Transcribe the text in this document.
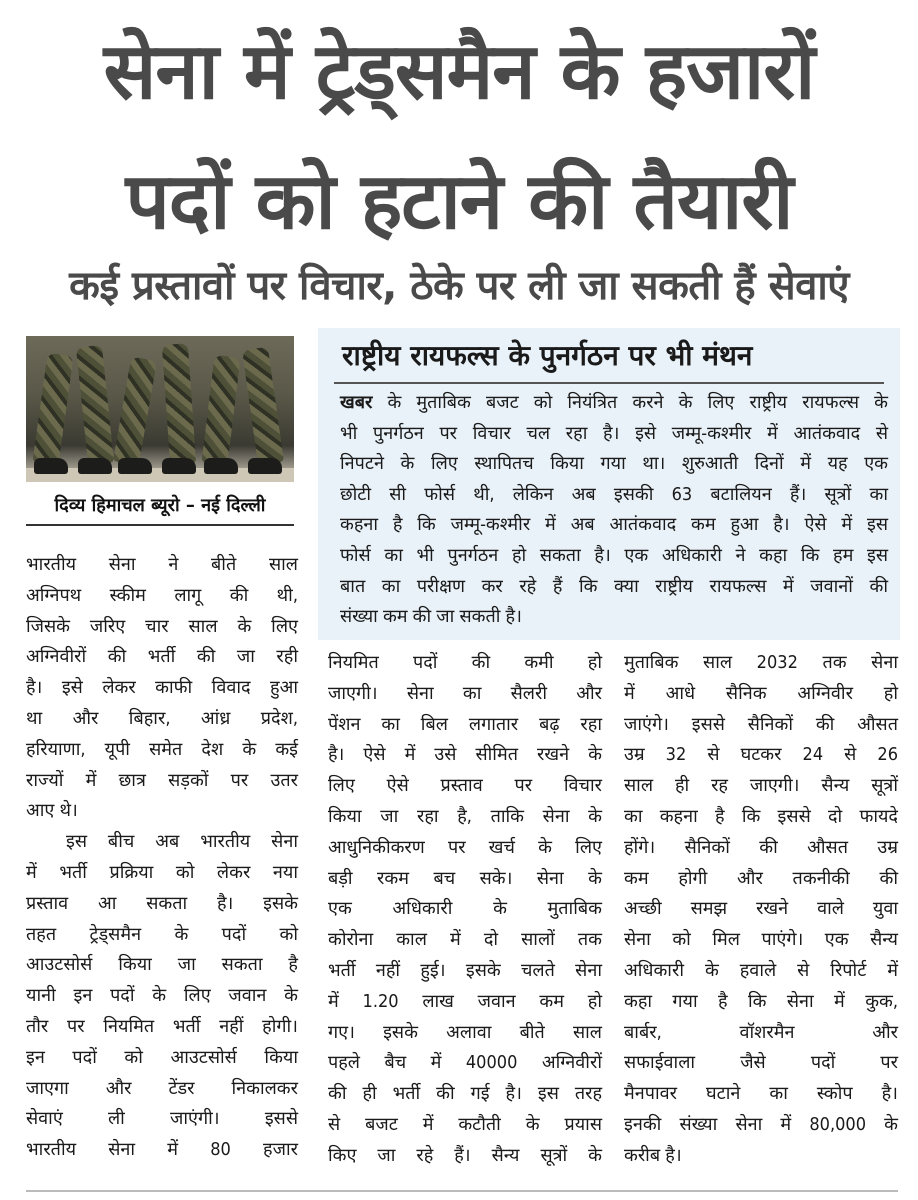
सेना में ट्रेड्समैन के हजारों
पदों को हटाने की तैयारी
कई प्रस्तावों पर विचार, ठेके पर ली जा सकती हैं सेवाएं
दिव्य हिमाचल ब्यूरो – नई दिल्ली
राष्ट्रीय रायफल्स के पुनर्गठन पर भी मंथन
खबर के मुताबिक बजट को नियंत्रित करने के लिए राष्ट्रीय रायफल्स के
भी पुनर्गठन पर विचार चल रहा है। इसे जम्मू-कश्मीर में आतंकवाद से
निपटने के लिए स्थापितच किया गया था। शुरुआती दिनों में यह एक
छोटी सी फोर्स थी, लेकिन अब इसकी 63 बटालियन हैं। सूत्रों का
कहना है कि जम्मू-कश्मीर में अब आतंकवाद कम हुआ है। ऐसे में इस
फोर्स का भी पुनर्गठन हो सकता है। एक अधिकारी ने कहा कि हम इस
बात का परीक्षण कर रहे हैं कि क्या राष्ट्रीय रायफल्स में जवानों की
संख्या कम की जा सकती है।
भारतीय सेना ने बीते साल
अग्निपथ स्कीम लागू की थी,
जिसके जरिए चार साल के लिए
अग्निवीरों की भर्ती की जा रही
है। इसे लेकर काफी विवाद हुआ
था और बिहार, आंध्र प्रदेश,
हरियाणा, यूपी समेत देश के कई
राज्यों में छात्र सड़कों पर उतर
आए थे।
इस बीच अब भारतीय सेना
में भर्ती प्रक्रिया को लेकर नया
प्रस्ताव आ सकता है। इसके
तहत ट्रेड्समैन के पदों को
आउटसोर्स किया जा सकता है
यानी इन पदों के लिए जवान के
तौर पर नियमित भर्ती नहीं होगी।
इन पदों को आउटसोर्स किया
जाएगा और टेंडर निकालकर
सेवाएं ली जाएंगी। इससे
भारतीय सेना में 80 हजार
नियमित पदों की कमी हो
जाएगी। सेना का सैलरी और
पेंशन का बिल लगातार बढ़ रहा
है। ऐसे में उसे सीमित रखने के
लिए ऐसे प्रस्ताव पर विचार
किया जा रहा है, ताकि सेना के
आधुनिकीकरण पर खर्च के लिए
बड़ी रकम बच सके। सेना के
एक अधिकारी के मुताबिक
कोरोना काल में दो सालों तक
भर्ती नहीं हुई। इसके चलते सेना
में 1.20 लाख जवान कम हो
गए। इसके अलावा बीते साल
पहले बैच में 40000 अग्निवीरों
की ही भर्ती की गई है। इस तरह
से बजट में कटौती के प्रयास
किए जा रहे हैं। सैन्य सूत्रों के
मुताबिक साल 2032 तक सेना
में आधे सैनिक अग्निवीर हो
जाएंगे। इससे सैनिकों की औसत
उम्र 32 से घटकर 24 से 26
साल ही रह जाएगी। सैन्य सूत्रों
का कहना है कि इससे दो फायदे
होंगे। सैनिकों की औसत उम्र
कम होगी और तकनीकी की
अच्छी समझ रखने वाले युवा
सेना को मिल पाएंगे। एक सैन्य
अधिकारी के हवाले से रिपोर्ट में
कहा गया है कि सेना में कुक,
बार्बर, वॉशरमैन और
सफाईवाला जैसे पदों पर
मैनपावर घटाने का स्कोप है।
इनकी संख्या सेना में 80,000 के
करीब है।
